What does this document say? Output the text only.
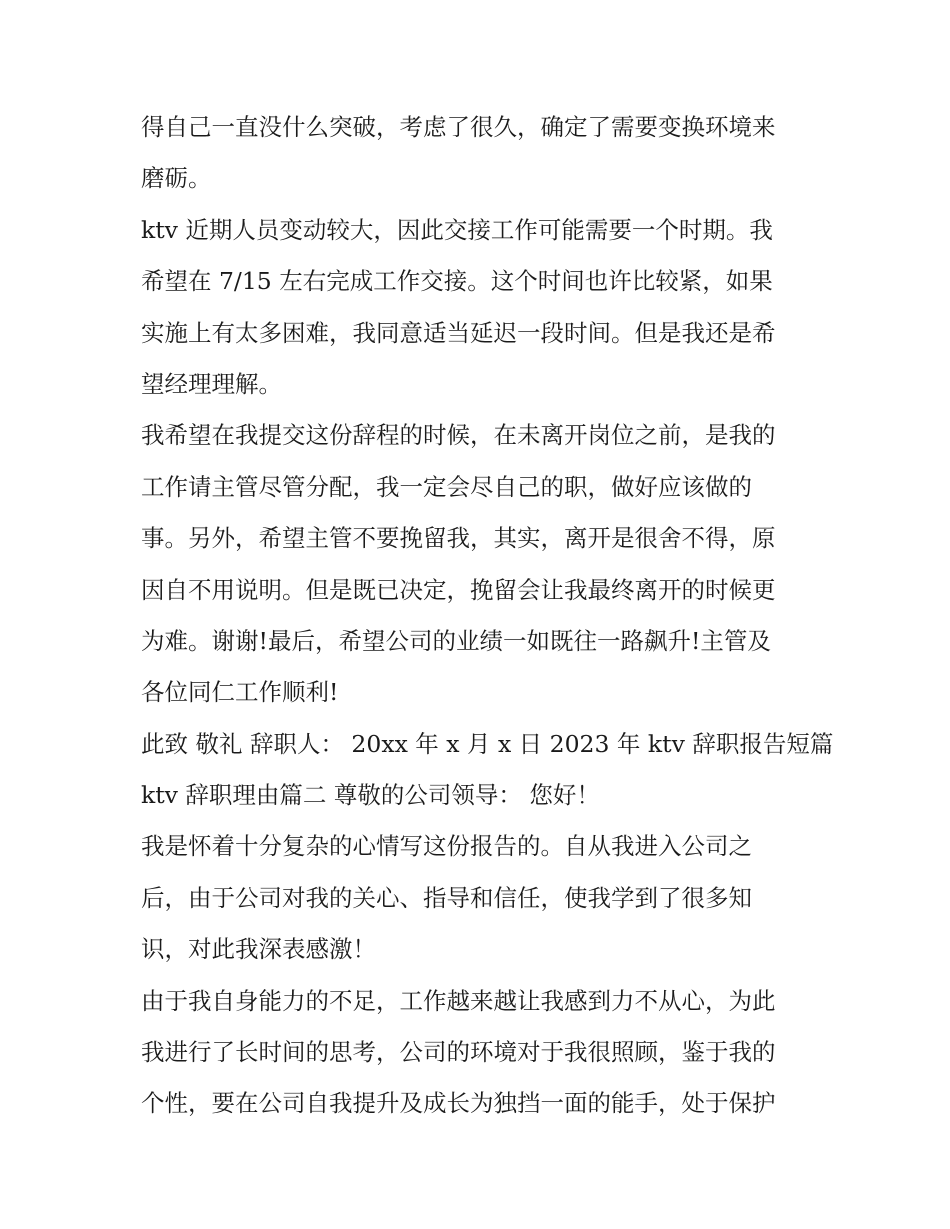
得自己一直没什么突破，考虑了很久，确定了需要变换环境来
磨砺。
ktv 近期人员变动较大，因此交接工作可能需要一个时期。我
希望在 7/15 左右完成工作交接。这个时间也许比较紧，如果
实施上有太多困难，我同意适当延迟一段时间。但是我还是希
望经理理解。
我希望在我提交这份辞程的时候，在未离开岗位之前，是我的
工作请主管尽管分配，我一定会尽自己的职，做好应该做的
事。另外，希望主管不要挽留我，其实，离开是很舍不得，原
因自不用说明。但是既已决定，挽留会让我最终离开的时候更
为难。谢谢!最后，希望公司的业绩一如既往一路飙升!主管及
各位同仁工作顺利!
此致 敬礼 辞职人： 20xx 年 x 月 x 日 2023 年 ktv 辞职报告短篇
ktv 辞职理由篇二 尊敬的公司领导： 您好！
我是怀着十分复杂的心情写这份报告的。自从我进入公司之
后，由于公司对我的关心、指导和信任，使我学到了很多知
识，对此我深表感激！
由于我自身能力的不足，工作越来越让我感到力不从心，为此
我进行了长时间的思考，公司的环境对于我很照顾，鉴于我的
个性，要在公司自我提升及成长为独挡一面的能手，处于保护
